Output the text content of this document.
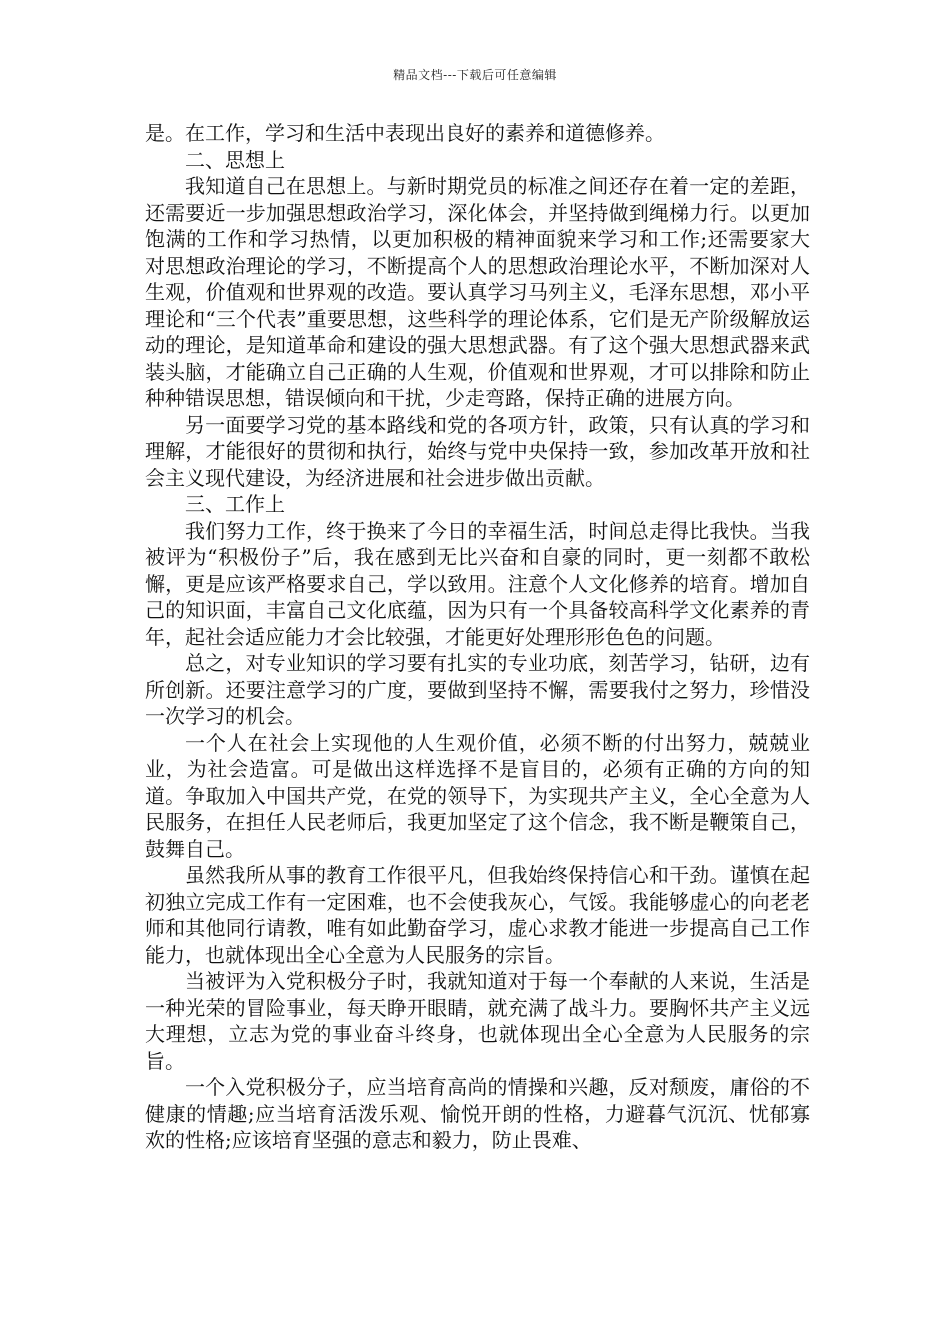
精品文档---下载后可任意编辑

是。在工作，学习和生活中表现出良好的素养和道德修养。

二、思想上

我知道自己在思想上。与新时期党员的标准之间还存在着一定的差距，还需要近一步加强思想政治学习，深化体会，并坚持做到绳梯力行。以更加饱满的工作和学习热情，以更加积极的精神面貌来学习和工作;还需要家大对思想政治理论的学习，不断提高个人的思想政治理论水平，不断加深对人生观，价值观和世界观的改造。要认真学习马列主义，毛泽东思想，邓小平理论和“三个代表”重要思想，这些科学的理论体系，它们是无产阶级解放运动的理论，是知道革命和建设的强大思想武器。有了这个强大思想武器来武装头脑，才能确立自己正确的人生观，价值观和世界观，才可以排除和防止种种错误思想，错误倾向和干扰，少走弯路，保持正确的进展方向。

另一面要学习党的基本路线和党的各项方针，政策，只有认真的学习和理解，才能很好的贯彻和执行，始终与党中央保持一致，参加改革开放和社会主义现代建设，为经济进展和社会进步做出贡献。

三、工作上

我们努力工作，终于换来了今日的幸福生活，时间总走得比我快。当我被评为“积极份子”后，我在感到无比兴奋和自豪的同时，更一刻都不敢松懈，更是应该严格要求自己，学以致用。注意个人文化修养的培育。增加自己的知识面，丰富自己文化底蕴，因为只有一个具备较高科学文化素养的青年，起社会适应能力才会比较强，才能更好处理形形色色的问题。

总之，对专业知识的学习要有扎实的专业功底，刻苦学习，钻研，边有所创新。还要注意学习的广度，要做到坚持不懈，需要我付之努力，珍惜没一次学习的机会。

一个人在社会上实现他的人生观价值，必须不断的付出努力，兢兢业业，为社会造富。可是做出这样选择不是盲目的，必须有正确的方向的知道。争取加入中国共产党，在党的领导下，为实现共产主义，全心全意为人民服务，在担任人民老师后，我更加坚定了这个信念，我不断是鞭策自己，鼓舞自己。

虽然我所从事的教育工作很平凡，但我始终保持信心和干劲。谨慎在起初独立完成工作有一定困难，也不会使我灰心，气馁。我能够虚心的向老老师和其他同行请教，唯有如此勤奋学习，虚心求教才能进一步提高自己工作能力，也就体现出全心全意为人民服务的宗旨。

当被评为入党积极分子时，我就知道对于每一个奉献的人来说，生活是一种光荣的冒险事业，每天睁开眼睛，就充满了战斗力。要胸怀共产主义远大理想，立志为党的事业奋斗终身，也就体现出全心全意为人民服务的宗旨。

一个入党积极分子，应当培育高尚的情操和兴趣，反对颓废，庸俗的不健康的情趣;应当培育活泼乐观、愉悦开朗的性格，力避暮气沉沉、忧郁寡欢的性格;应该培育坚强的意志和毅力，防止畏难、
